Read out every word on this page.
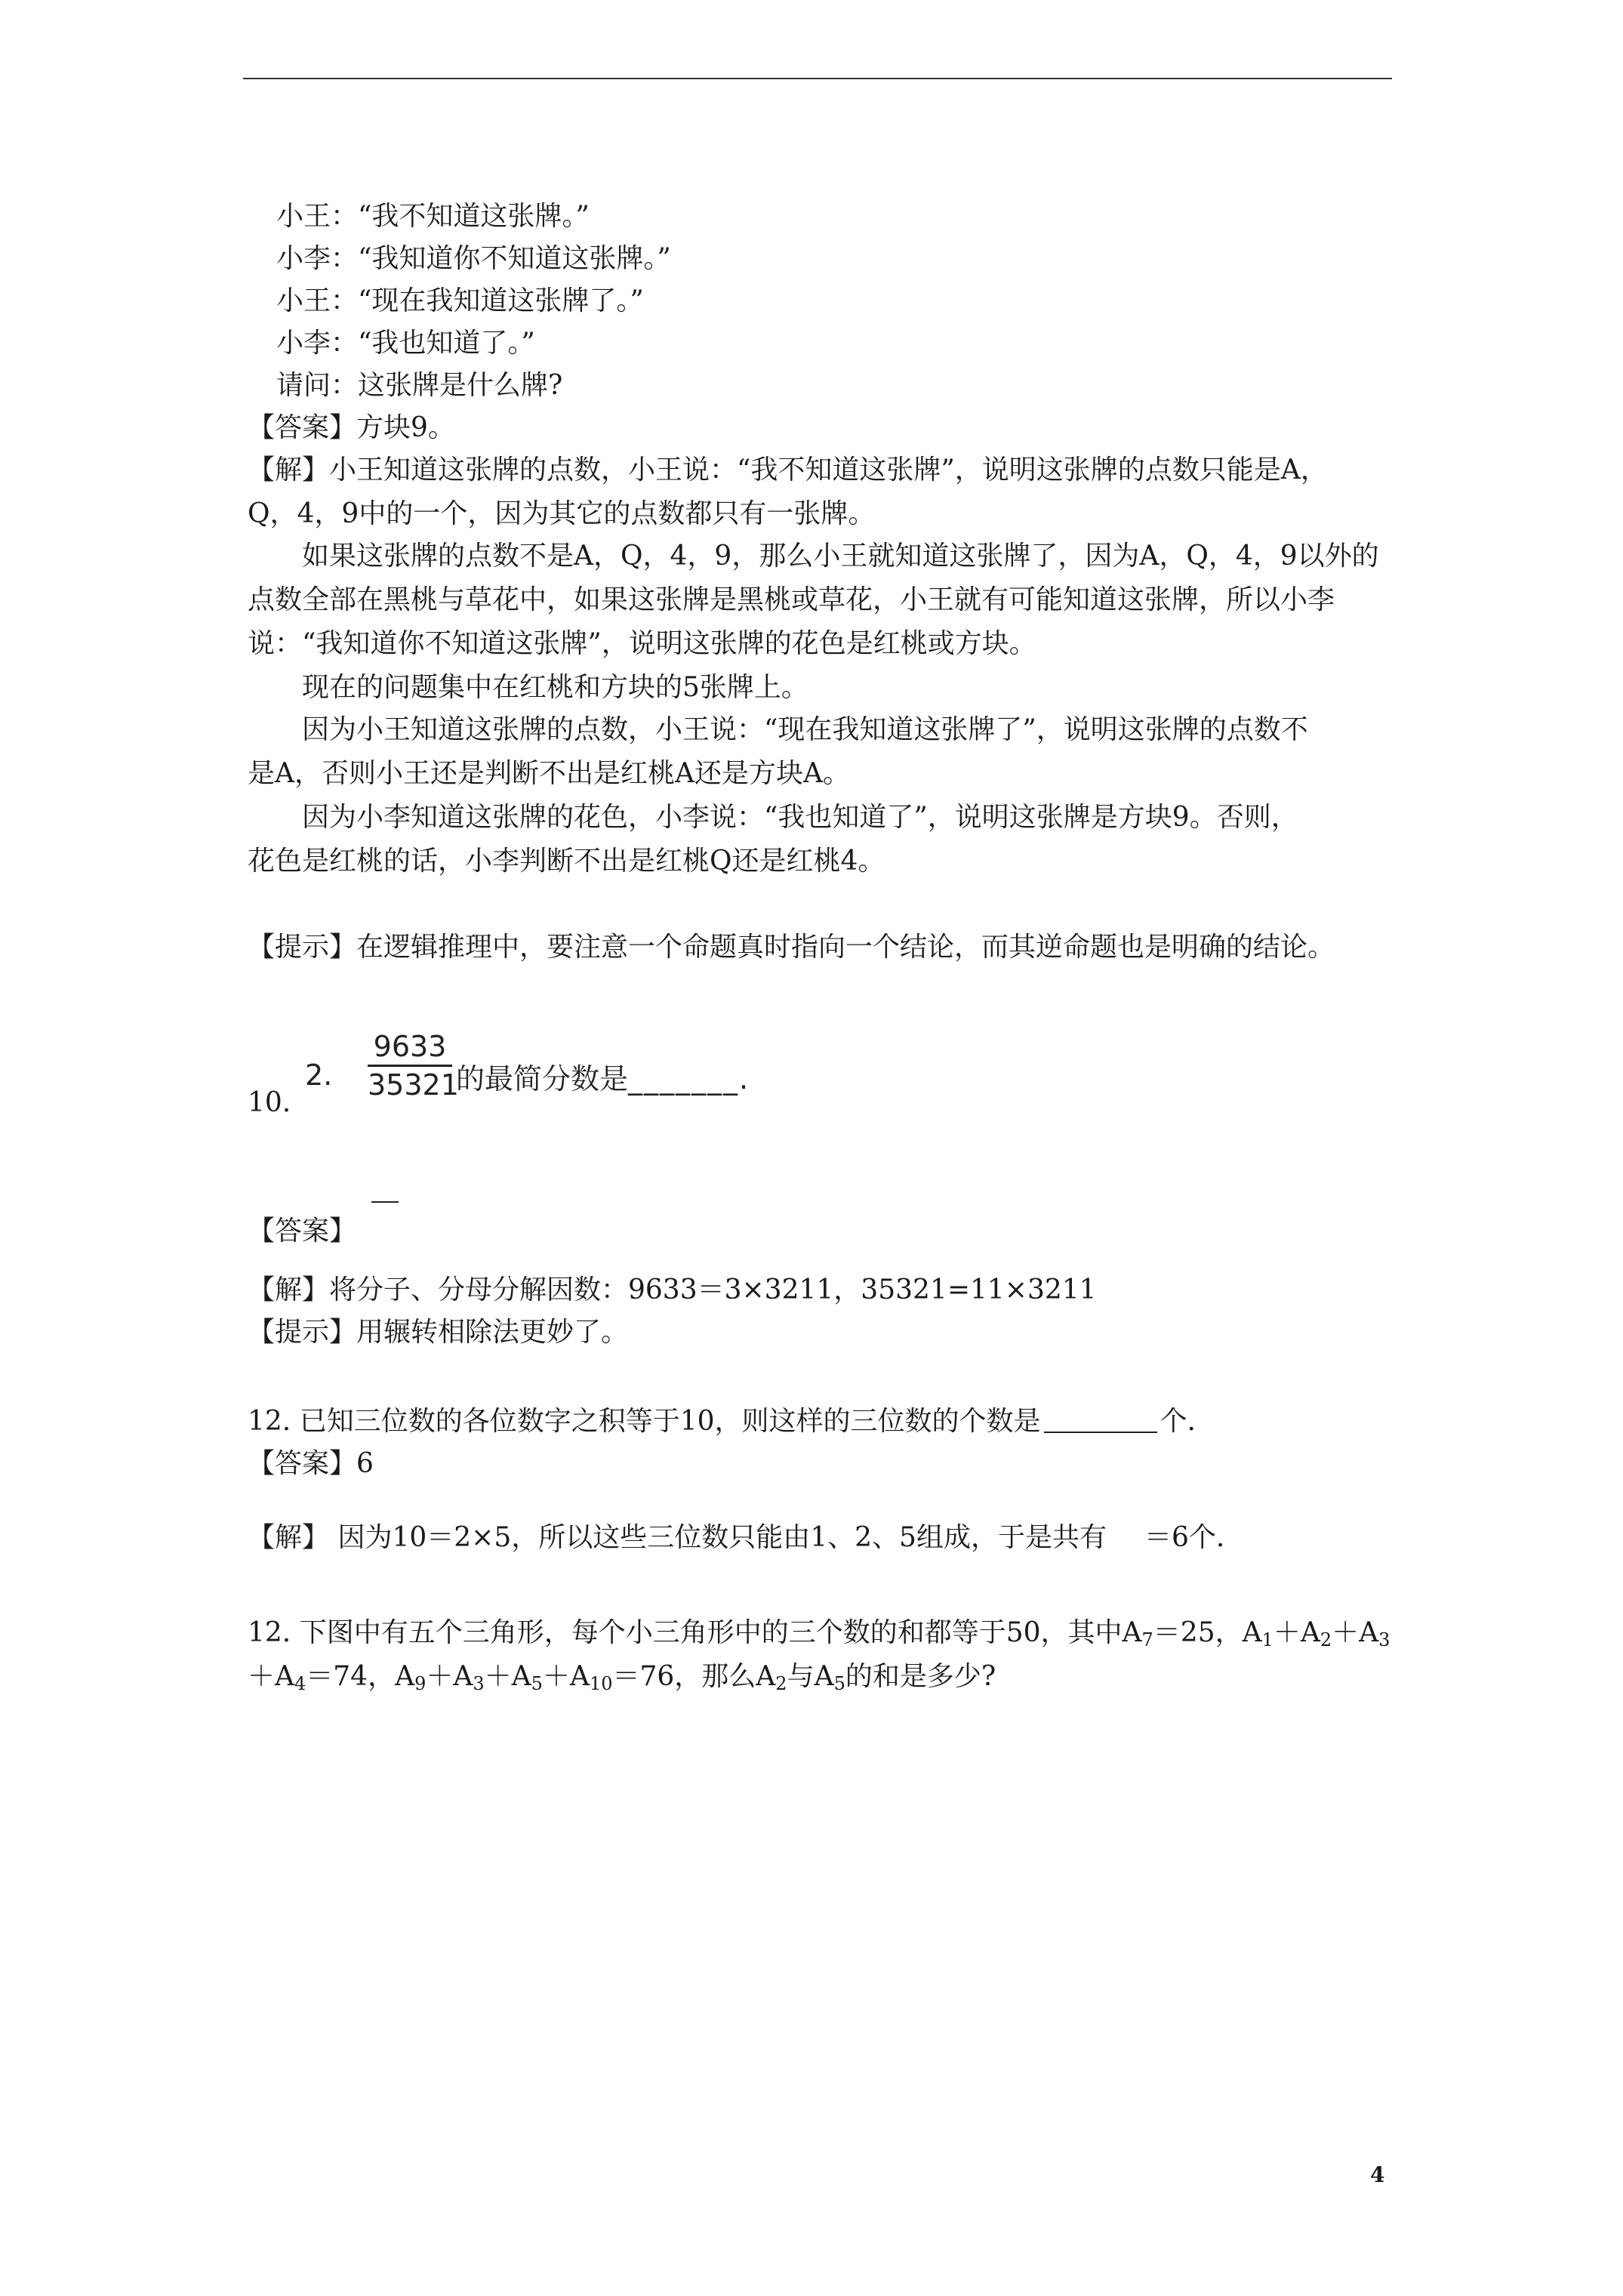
小王：“我不知道这张牌。”
小李：“我知道你不知道这张牌。”
小王：“现在我知道这张牌了。”
小李：“我也知道了。”
请问：这张牌是什么牌?
【答案】方块9。
【解】小王知道这张牌的点数，小王说：“我不知道这张牌”，说明这张牌的点数只能是A，
Q，4，9中的一个，因为其它的点数都只有一张牌。
如果这张牌的点数不是A，Q，4，9，那么小王就知道这张牌了，因为A，Q，4，9以外的
点数全部在黑桃与草花中，如果这张牌是黑桃或草花，小王就有可能知道这张牌，所以小李
说：“我知道你不知道这张牌”，说明这张牌的花色是红桃或方块。
现在的问题集中在红桃和方块的5张牌上。
因为小王知道这张牌的点数，小王说：“现在我知道这张牌了”，说明这张牌的点数不
是A，否则小王还是判断不出是红桃A还是方块A。
因为小李知道这张牌的花色，小李说：“我也知道了”，说明这张牌是方块9。否则，
花色是红桃的话，小李判断不出是红桃Q还是红桃4。
【提示】在逻辑推理中，要注意一个命题真时指向一个结论，而其逆命题也是明确的结论。
10.
2.
9633
35321
的最简分数是_______.
【答案】
【解】将分子、分母分解因数：9633＝3×3211，35321=11×3211
【提示】用辗转相除法更妙了。
12. 已知三位数的各位数字之积等于10，则这样的三位数的个数是	个.
【答案】6
【解】 因为10＝2×5，所以这些三位数只能由1、2、5组成，于是共有 ＝6个.
12. 下图中有五个三角形，每个小三角形中的三个数的和都等于50，其中$A_7=25$，$A_1+A_2+A_3$
$+A_4=74$，$A_9+A_3+A_5+A_{10}=76$，那么$A_2$与$A_5$的和是多少?
4
